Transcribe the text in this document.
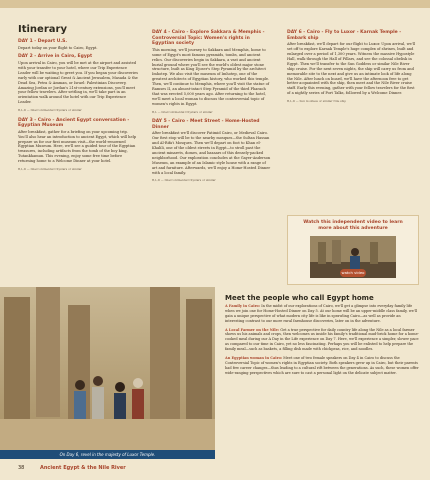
Itinerary
DAY 1 - Depart U.S.

Depart today on your flight to Cairo, Egypt.

DAY 2 - Arrive in Cairo, Egypt

Upon arrival in Cairo, you will be met at the airport and assisted with your transfer to your hotel, where our Trip Experience Leader will be waiting to greet you. If you began your discoveries early with our optional Great & Ancient Jerusalem, Masada & the Dead Sea, Petra & Amman, or Israel: Palestinian Discovery, Amazing Jordan or Jordan's 21st-century extensions, you'll meet your fellow travelers. After settling in, we'll take part in an orientation walk around the hotel with our Trip Experience Leader.

B,L,D — Intercontinental Citystars or similar
DAY 3 - Cairo - Ancient Egypt conversation - Egyptian Museum

After breakfast, gather for a briefing on your upcoming trip. You'll also hear an introduction to ancient Egypt, which will help prepare us for our first museum visit—the world-renowned Egyptian Museum. Here, we'll see a guided tour of the Egyptian treasures, including artifacts from the tomb of the boy king, Tutankhamun. This evening, enjoy some free time before returning home to a Welcome Dinner at your hotel.

B,L,D — Intercontinental Citystars or similar
DAY 4 - Cairo - Explore Sakkara & Memphis - Controversial Topic: Women's rights in Egyptian society

This morning, we'll journey to Sakkara and Memphis, home to some of Egypt's most famous pyramids, tombs, and ancient relics. Our discoveries begin in Sakkara, a vast and ancient burial ground where you'll see the world's oldest major stone structure, built as King Djoser's Step Pyramid by the architect Imhotep. We also visit the museum of Imhotep, one of the greatest architects of Egyptian history, who worked this temple. Then, we'll continue to Memphis, where you'll visit the statue of Ramses II, an almost-intact Step Pyramid of the third Pharaoh that was erected 5,000 years ago. After returning to the hotel, we'll meet a local woman to discuss the controversial topic of women's rights in Egypt.

B,L — Intercontinental Citystars or similar
DAY 5 - Cairo - Meet Street - Home-Hosted Dinner

After breakfast we'll discover Fatimid Cairo, or Medieval Cairo. Our first stop will be to the nearby mosques—the Sultan Hassan and Al-Rifa'i Mosques. Then we'll depart on foot to Khan el-Khalili, one of the oldest streets in Egypt—to stroll past the ancient minarets, domes, and bazaars of this densely-packed neighborhood. Our exploration concludes at the Gayer-Anderson Museum, an example of an Islamic style house with a range of art and furniture. Afterwards, we'll enjoy a Home-Hosted Dinner with a local family.

B,L,D — Intercontinental Citystars or similar
DAY 6 - Cairo - Fly to Luxor - Karnak Temple - Embark ship

After breakfast, we'll depart for our flight to Luxor. Upon arrival, we'll set off to explore Karnak Temple's huge complex of shrines, built and enlarged over a period of 1,300 years. Witness the massive Hypostyle Hall, walk through the Hall of Pillars, and see the colossal obelisk in Egypt. Then we'll transfer to the Sun Goddess or similar Nile River ship cruise. For the next seven nights, the ship will carry us from and memorable site to the next and give us an intimate look of life along the Nile. After lunch on board, we'll have the afternoon free to get better acquainted with the ship, then meet and the Nile River cruise staff. Early this evening, gather with your fellow travelers for the first of a nightly series of Port Talks, followed by a Welcome Dinner.

B,L,D — Sun Goddess or similar Nile ship
Watch this independent video to learn more about this adventure
watch video
On Day 6, revel in the majesty of Luxor Temple.
Meet the people who call Egypt home

A Family in Cairo: In the midst of our explorations of Cairo, we'll get a glimpse into everyday family life when we join one for Home-Hosted Dinner on Day 5. At our home will be an upper-middle class family, we'll gain a unique perspective of what modern city life is like in sprawling Cairo—as well as provide an interesting contrast to our more rural farmhouse discoveries, later on in the adventure.

A Local Farmer on the Nile: Get a true perspective for daily country life along the Nile as a local farmer shows us his animals and crops, then welcomes us inside his family's traditional mud-brick home for a home-cooked meal during our A Day in the Life experience on Day 7. Here, we'll experience a simpler, slower pace as compared to our time in Cairo, yet no less fascinating. Perhaps you will be enlisted to help prepare the family meal—such as baskets, a filling dish made with chickpeas, rice, and noodles.

An Egyptian woman in Cairo: Meet one of two female speakers on Day 4 in Cairo to discuss the Controversial Topic of women's rights in Egyptian society. Both speakers grew up in Cairo, but their parents had few career changes—thus leading to a cultural rift between the generations. As such, these women offer wide-ranging perspectives which are sure to cast a personal light on the delicate subject matter.

38	Ancient Egypt & the Nile River
